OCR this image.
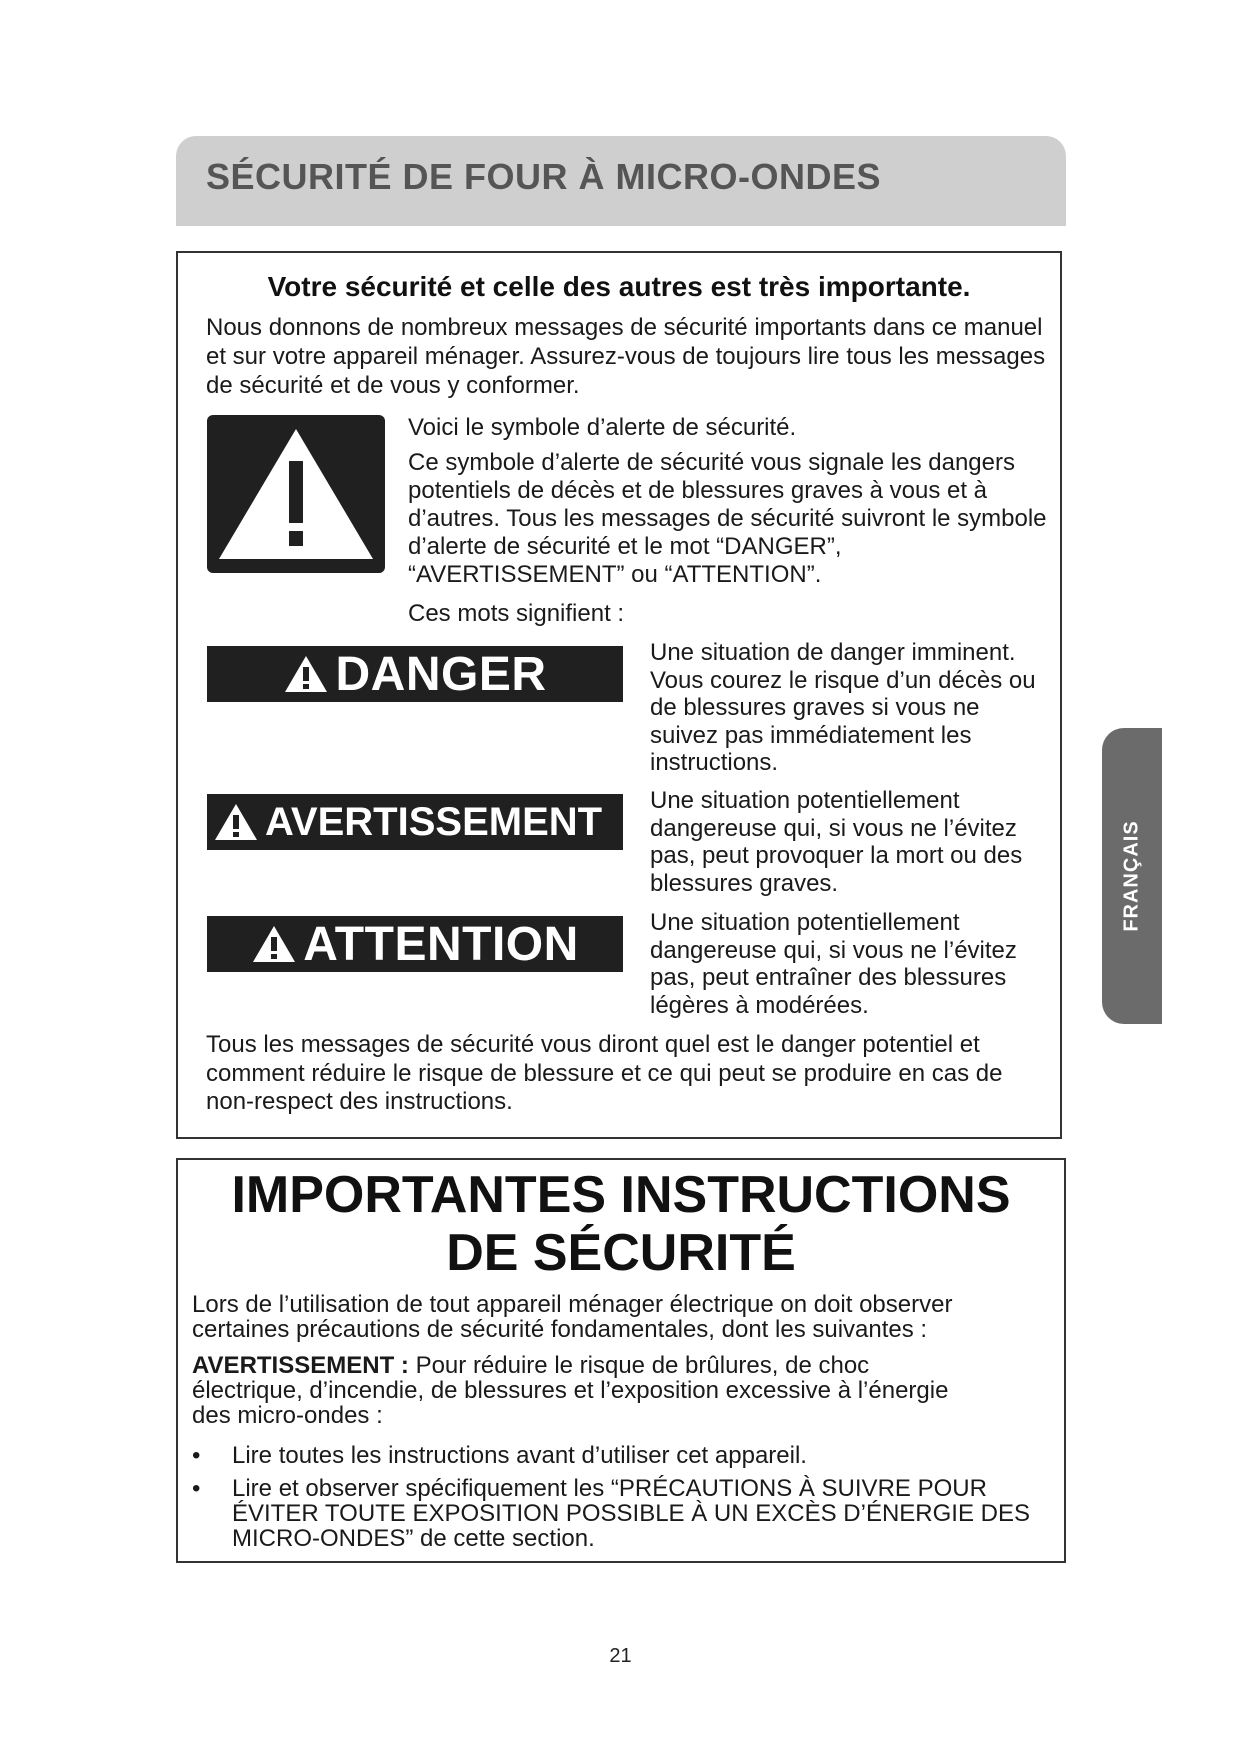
SÉCURITÉ DE FOUR À MICRO-ONDES
Votre sécurité et celle des autres est très importante.

Nous donnons de nombreux messages de sécurité importants dans ce manuel et sur votre appareil ménager. Assurez-vous de toujours lire tous les messages de sécurité et de vous y conformer.

Voici le symbole d’alerte de sécurité.

Ce symbole d’alerte de sécurité vous signale les dangers potentiels de décès et de blessures graves à vous et à d’autres. Tous les messages de sécurité suivront le symbole d’alerte de sécurité et le mot “DANGER”, “AVERTISSEMENT” ou “ATTENTION”.

Ces mots signifient :

DANGER	Une situation de danger imminent. Vous courez le risque d’un décès ou de blessures graves si vous ne suivez pas immédiatement les instructions.

AVERTISSEMENT Une situation potentiellement dangereuse qui, si vous ne l’évitez pas, peut provoquer la mort ou des blessures graves.

ATTENTION	Une situation potentiellement dangereuse qui, si vous ne l’évitez pas, peut entraîner des blessures légères à modérées.

Tous les messages de sécurité vous diront quel est le danger potentiel et comment réduire le risque de blessure et ce qui peut se produire en cas de non-respect des instructions.

IMPORTANTES INSTRUCTIONS
DE SÉCURITÉ

Lors de l’utilisation de tout appareil ménager électrique on doit observer certaines précautions de sécurité fondamentales, dont les suivantes :

AVERTISSEMENT : Pour réduire le risque de brûlures, de choc électrique, d’incendie, de blessures et l’exposition excessive à l’énergie des micro-ondes :

• Lire toutes les instructions avant d’utiliser cet appareil.
• Lire et observer spécifiquement les “PRÉCAUTIONS À SUIVRE POUR ÉVITER TOUTE EXPOSITION POSSIBLE À UN EXCÈS D’ÉNERGIE DES MICRO-ONDES” de cette section.
FRANÇAIS
21
